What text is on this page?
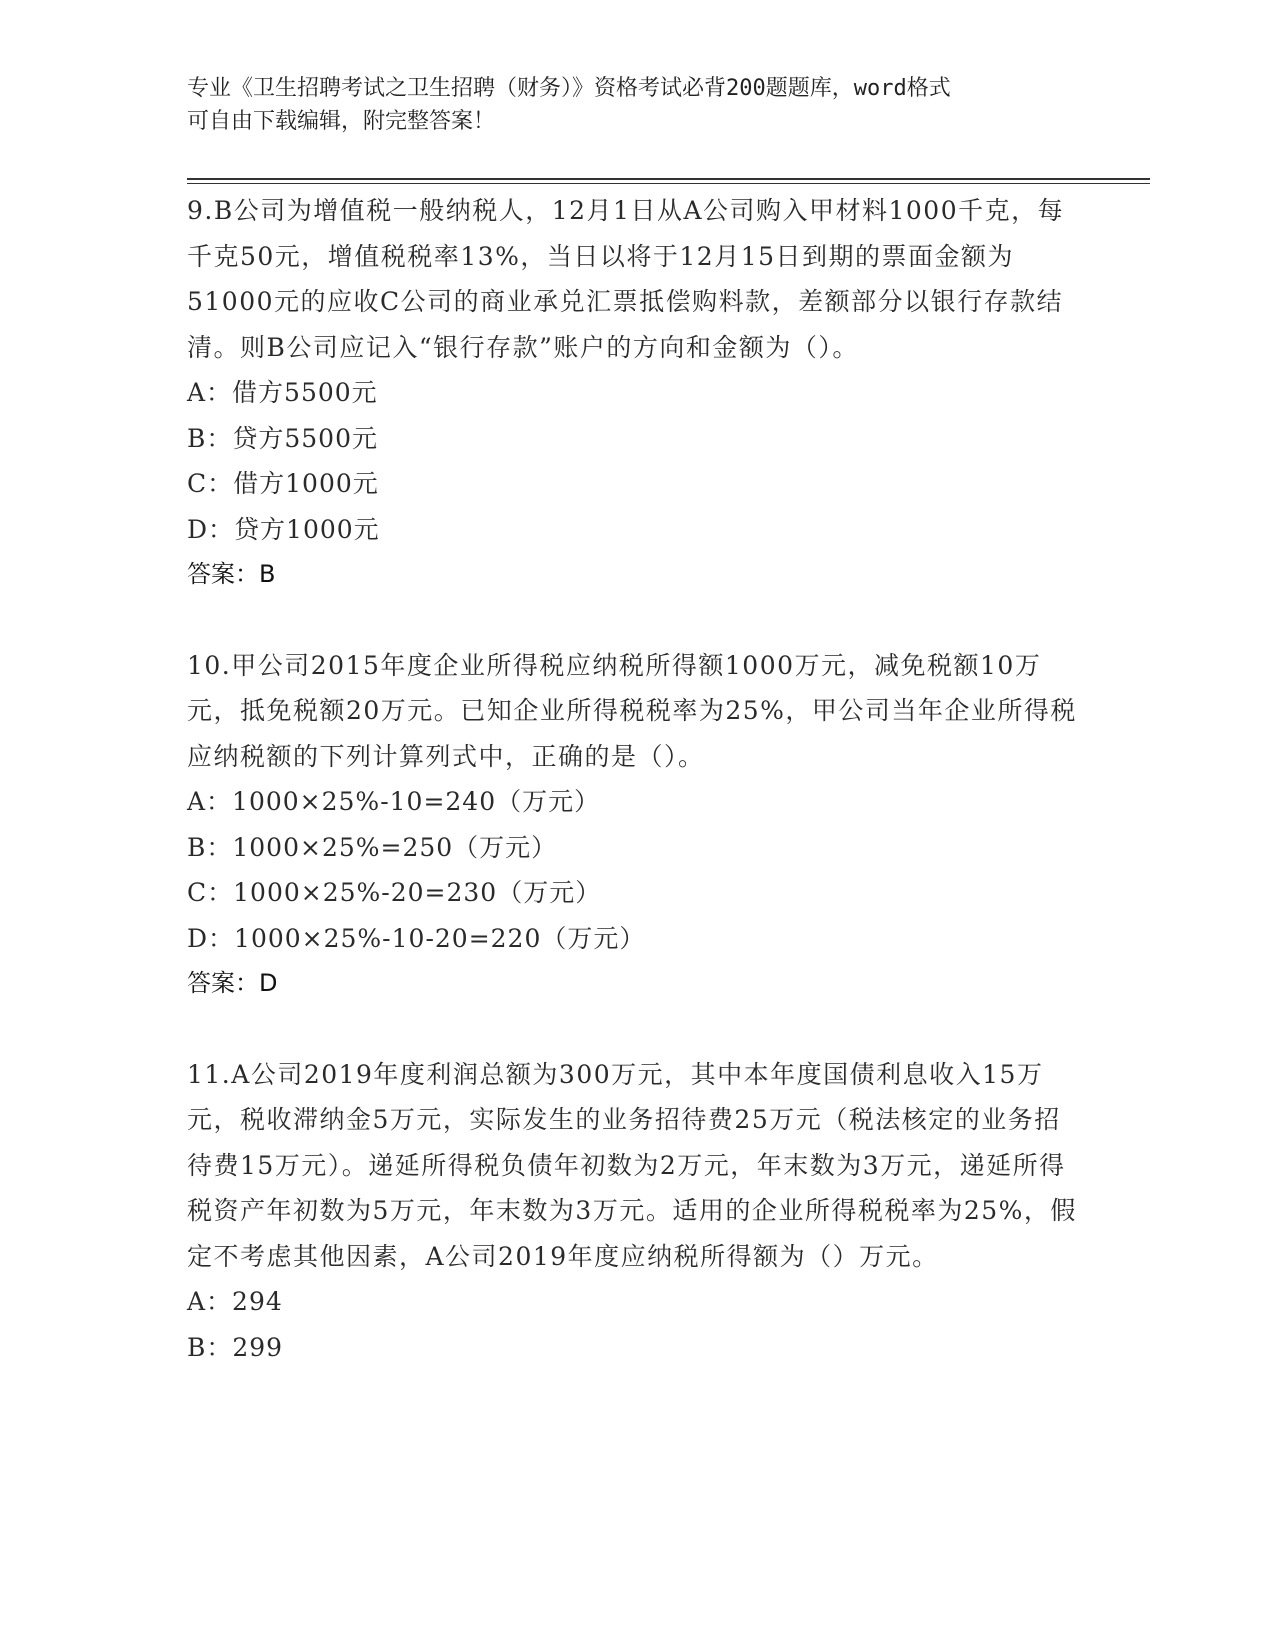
专业《卫生招聘考试之卫生招聘（财务）》资格考试必背200题题库，word格式
可自由下载编辑，附完整答案！

9.B公司为增值税一般纳税人，12月1日从A公司购入甲材料1000千克，每千克50元，增值税税率13%，当日以将于12月15日到期的票面金额为51000元的应收C公司的商业承兑汇票抵偿购料款，差额部分以银行存款结清。则B公司应记入“银行存款”账户的方向和金额为（）。

A：借方5500元

B：贷方5500元

C：借方1000元

D：贷方1000元

答案：B

10.甲公司2015年度企业所得税应纳税所得额1000万元，减免税额10万元，抵免税额20万元。已知企业所得税税率为25%，甲公司当年企业所得税应纳税额的下列计算列式中，正确的是（）。

A：1000×25%-10=240（万元）

B：1000×25%=250（万元）

C：1000×25%-20=230（万元）

D：1000×25%-10-20=220（万元）

答案：D

11.A公司2019年度利润总额为300万元，其中本年度国债利息收入15万元，税收滞纳金5万元，实际发生的业务招待费25万元（税法核定的业务招待费15万元）。递延所得税负债年初数为2万元，年末数为3万元，递延所得税资产年初数为5万元，年末数为3万元。适用的企业所得税税率为25%，假定不考虑其他因素，A公司2019年度应纳税所得额为（）万元。

A：294

B：299
